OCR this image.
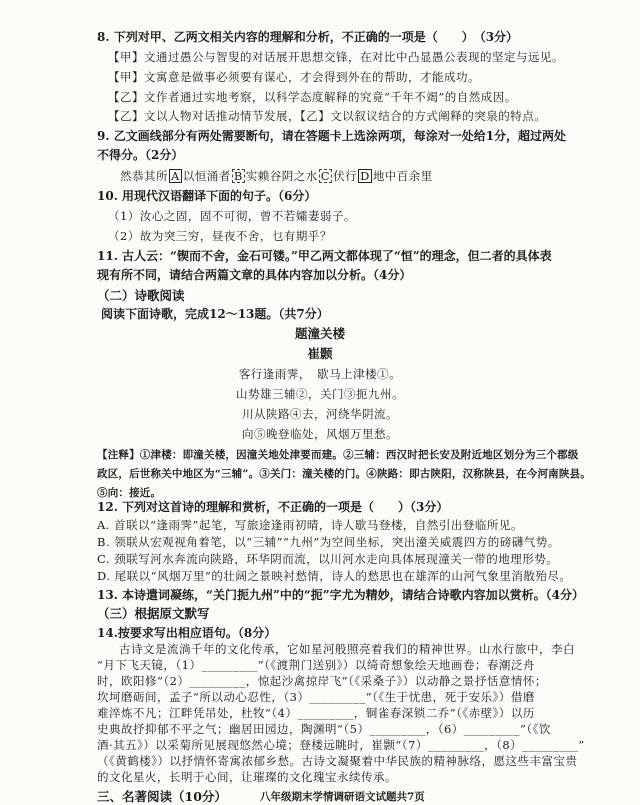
8. 下列对甲、乙两文相关内容的理解和分析，不正确的一项是（　　）　（3分）
【甲】文通过愚公与智叟的对话展开思想交锋，在对比中凸显愚公表现的坚定与远见。
【甲】文寓意是做事必须要有谋心，才会得到外在的帮助，才能成功。
【乙】文作者通过实地考察，以科学态度解释的究竟“千年不竭”的自然成因。
【乙】文以人物对话推动情节发展，【乙】文以叙议结合的方式阐释的突泉的特点。
9. 乙文画线部分有两处需要断句，请在答题卡上选涂两项，每涂对一处给1分，超过两处
不得分。（2分）
然恭其所 A 以恒涌者 B 实赖谷阴之水 C 伏行 D 地中百余里
10. 用现代汉语翻译下面的句子。（6分）
（1）汝心之固，固不可彻，曾不若孀妻弱子。
（2）故为突三穷，昼夜不舍，乜有期乎？
11. 古人云：“锲而不舍，金石可镂。”甲乙两文都体现了“恒”的理念，但二者的具体表
现有所不同，请结合两篇文章的具体内容加以分析。（4分）
（二）诗歌阅读
阅读下面诗歌，完成12～13题。（共7分）
题潼关楼
崔颢
客行逢雨霁，　歇马上津楼①。
山势雄三辅②，关门③扼九州。
川从陕路④去，河绕华阴流。
向⑤晚登临处，风烟万里愁。
【注释】①津楼：即潼关楼，因潼关地处津要而建。②三辅：西汉时把长安及附近地区划分为三个郡级
政区，后世称关中地区为“三辅”。③关门：潼关楼的门。④陕路：即古陕阳，汉称陕县，在今河南陕县。
⑤向：接近。
12. 下列对这首诗的理解和赏析，不正确的一项是（　　）（3分）
A. 首联以“逢雨霁”起笔，写旅途逢雨初晴，诗人歇马登楼，自然引出登临所见。
B. 领联从宏观视角着笔，以“三辅”“九州”为空间坐标，突出潼关威震四方的磅礴气势。
C. 颈联写河水奔流向陕路，环华阴而流，以川河水走向具体展现潼关一带的地理形势。
D. 尾联以“风烟万里”的壮阔之景映衬愁情，诗人的愁思也在雄浑的山河气象里消散殆尽。
13. 本诗遣词凝练，“关门扼九州”中的“扼”字尤为精妙，请结合诗歌内容加以赏析。（4分）
（三）根据原文默写
14.按要求写出相应语句。（8分）
古诗文是流淌千年的文化传承，它如星河般照亮着我们的精神世界。山水行旅中，李白
“月下飞天镜，（1）_________”（《渡荆门送别》）以绮奇想象绘天地画卷；春潮泛舟
时，欧阳修“（2）_________，惊起沙禽掠岸飞”（《采桑子》）以动静之景抒恬意情怀；
坎坷磨砺间，孟子“所以动心忍性，（3）_________”（《生于忧患，死于安乐》）借磨
难淬炼不凡；江畔凭吊处，杜牧“（4）_________，铜雀春深锁二乔”（《赤壁》）以历
史典故抒抑郁不平之气；幽居田园边，陶渊明“（5）_________，（6）_________”（《饮
酒·其五》）以采菊所见展现悠然心境；登楼远眺时，崔颢“（7）_________，（8）_________”
（《黄鹤楼》）以抒情怀寄寓浓郁乡愁。古诗文凝聚着中华民族的精神脉络，愿这些丰富宝贵
的文化星火，长明于心间，让璀璨的文化瑰宝永续传承。
三、名著阅读（10分）	八年级期末学情调研语文试题共7页
